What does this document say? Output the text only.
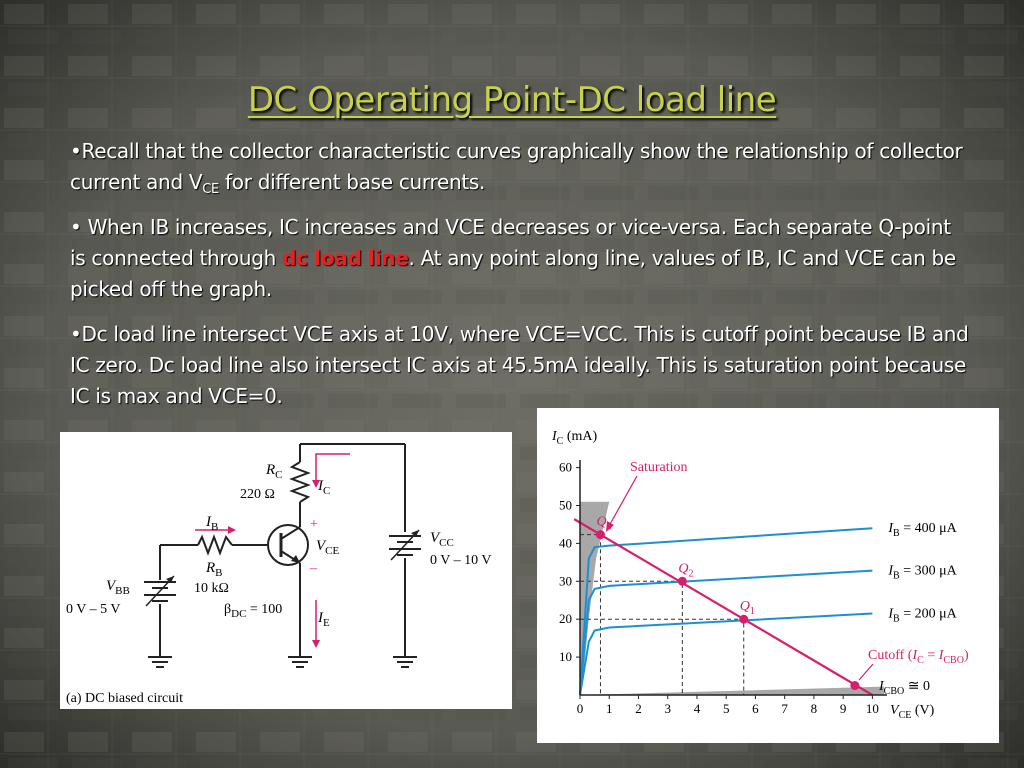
DC Operating Point-DC load line
•Recall that the collector characteristic curves graphically show the relationship of collector current and $V_{CE}$ for different base currents.
• When IB increases, IC increases and VCE decreases or vice-versa. Each separate Q-point is connected through dc load line. At any point along line, values of IB, IC and VCE can be picked off the graph.
•Dc load line intersect VCE axis at 10V, where VCE=VCC. This is cutoff point because IB and IC zero. Dc load line also intersect IC axis at 45.5mA ideally. This is saturation point because IC is max and VCE=0.
$R_C$
220 Ω
$I_C$
$I_B$
$R_B$
10 kΩ
$V_{BB}$
0 V – 5 V	$\beta_{DC} = 100$
+
$V_{CE}$
–
$I_E$
$V_{CC}$
0 V – 10 V
(a) DC biased circuit
$I_B = 400$ μA
$I_B = 300$ μA
$I_B = 200$ μA
Q
$Q_2$
$Q_1$
0 1 2 3 4 5 6 7 8 9 10
10
20
30
40
50
60
$I_C$ (mA)
$V_{CE}$ (V)
Saturation
Cutoff $(I_C = I_{CBO})$
$I_{CBO}$ ≅ 0
